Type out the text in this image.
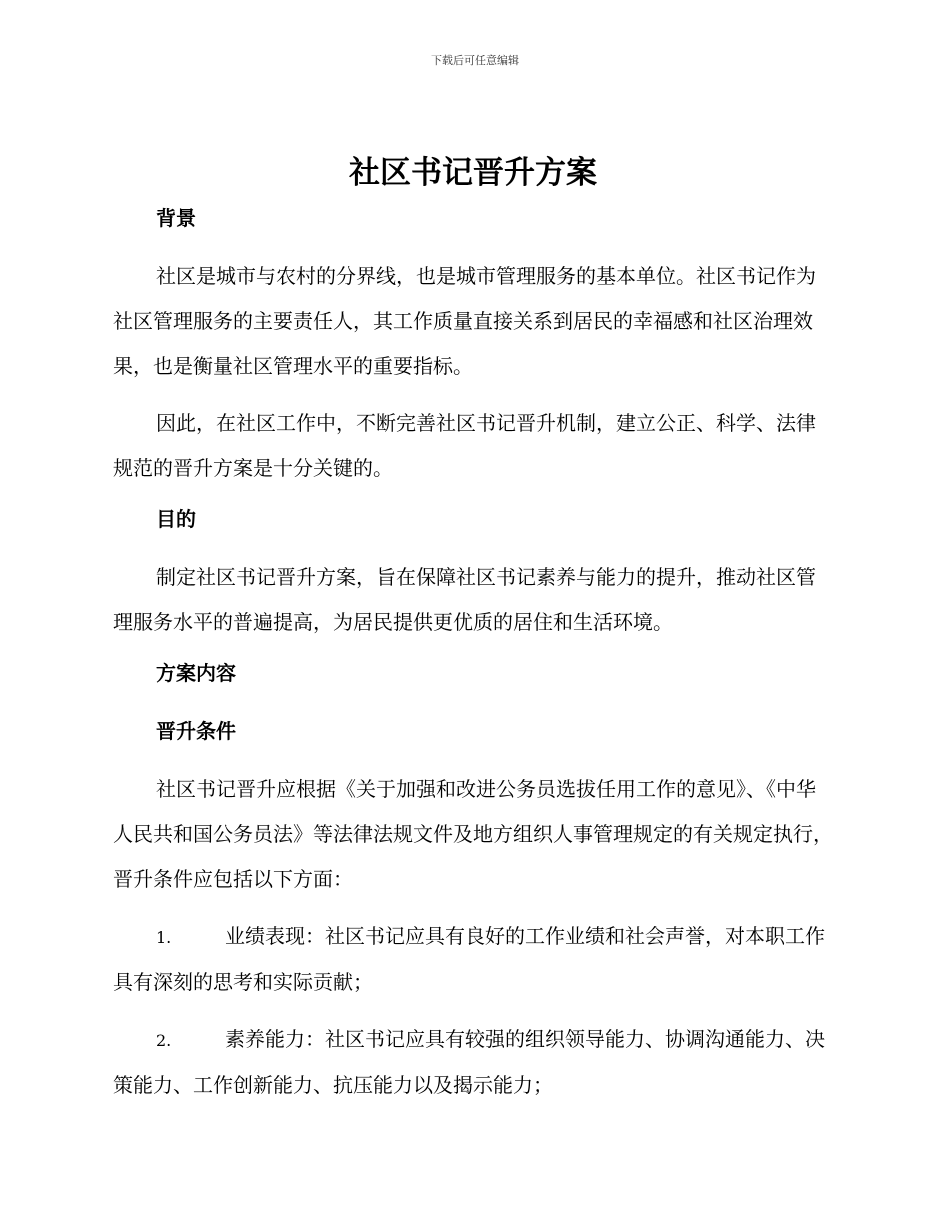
下载后可任意编辑
社区书记晋升方案
背景

社区是城市与农村的分界线，也是城市管理服务的基本单位。社区书记作为社区管理服务的主要责任人，其工作质量直接关系到居民的幸福感和社区治理效果，也是衡量社区管理水平的重要指标。

因此，在社区工作中，不断完善社区书记晋升机制，建立公正、科学、法律规范的晋升方案是十分关键的。

目的

制定社区书记晋升方案，旨在保障社区书记素养与能力的提升，推动社区管理服务水平的普遍提高，为居民提供更优质的居住和生活环境。

方案内容
晋升条件

社区书记晋升应根据《关于加强和改进公务员选拔任用工作的意见》、《中华人民共和国公务员法》等法律法规文件及地方组织人事管理规定的有关规定执行，晋升条件应包括以下方面：

1.	业绩表现：社区书记应具有良好的工作业绩和社会声誉，对本职工作具有深刻的思考和实际贡献；

2.	素养能力：社区书记应具有较强的组织领导能力、协调沟通能力、决策能力、工作创新能力、抗压能力以及揭示能力；
